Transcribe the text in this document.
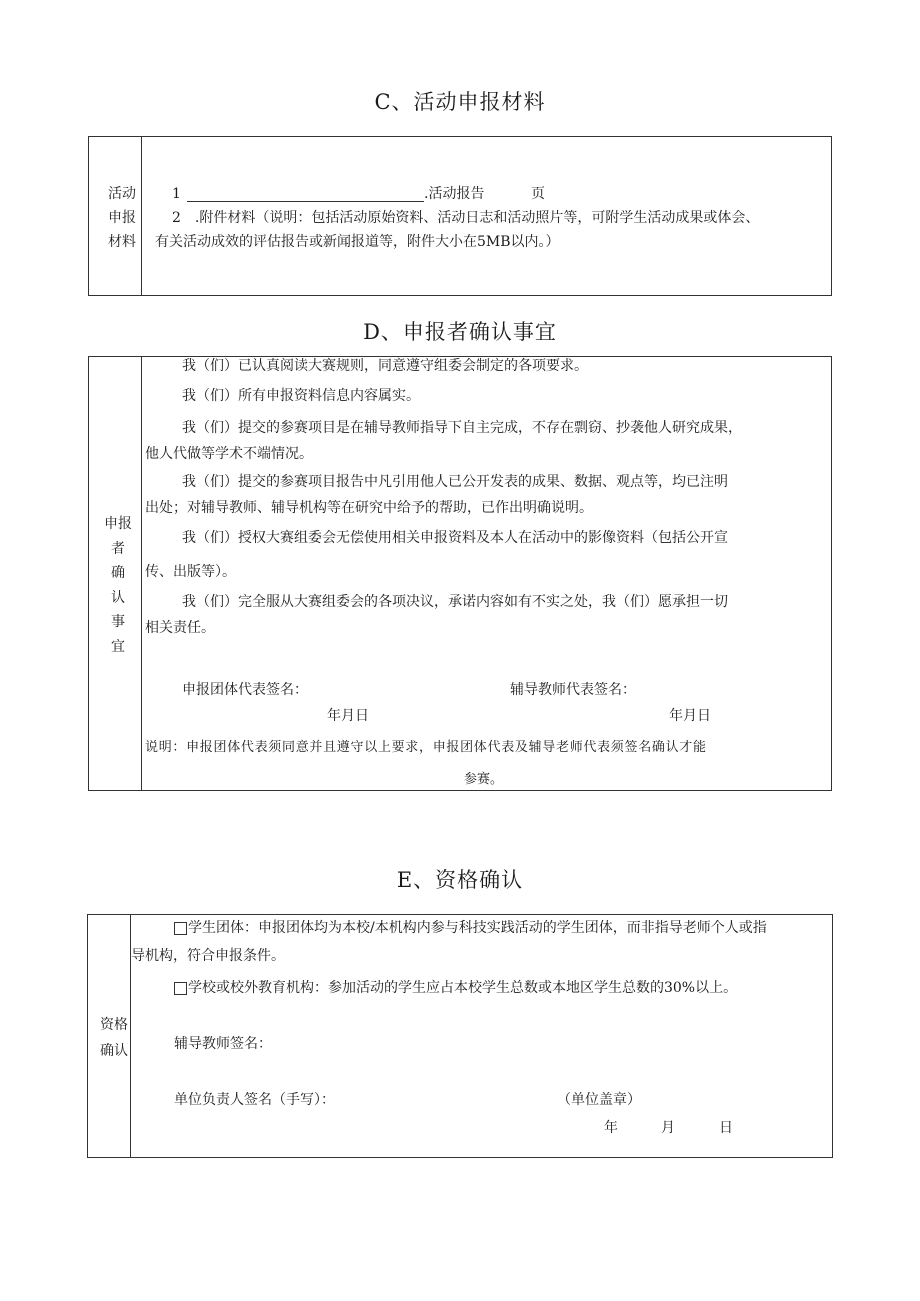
C、活动申报材料
活动
申报
材料
1	.活动报告	页
2　.附件材料（说明：包括活动原始资料、活动日志和活动照片等，可附学生活动成果或体会、
有关活动成效的评估报告或新闻报道等，附件大小在5MB以内。）
D、申报者确认事宜
申报
者
确
认
事
宜
我（们）已认真阅读大赛规则，同意遵守组委会制定的各项要求。
我（们）所有申报资料信息内容属实。
我（们）提交的参赛项目是在辅导教师指导下自主完成，不存在剽窃、抄袭他人研究成果，
他人代做等学术不端情况。
我（们）提交的参赛项目报告中凡引用他人已公开发表的成果、数据、观点等，均已注明
出处；对辅导教师、辅导机构等在研究中给予的帮助，已作出明确说明。
我（们）授权大赛组委会无偿使用相关申报资料及本人在活动中的影像资料（包括公开宣
传、出版等）。
我（们）完全服从大赛组委会的各项决议，承诺内容如有不实之处，我（们）愿承担一切
相关责任。
申报团体代表签名：	辅导教师代表签名：
年月日	年月日
说明：申报团体代表须同意并且遵守以上要求，申报团体代表及辅导老师代表须签名确认才能
参赛。
E、资格确认
资格
确认
学生团体：申报团体均为本校/本机构内参与科技实践活动的学生团体，而非指导老师个人或指
导机构，符合申报条件。
学校或校外教育机构：参加活动的学生应占本校学生总数或本地区学生总数的30%以上。
辅导教师签名：
单位负责人签名（手写）：	（单位盖章）
年	月	日
